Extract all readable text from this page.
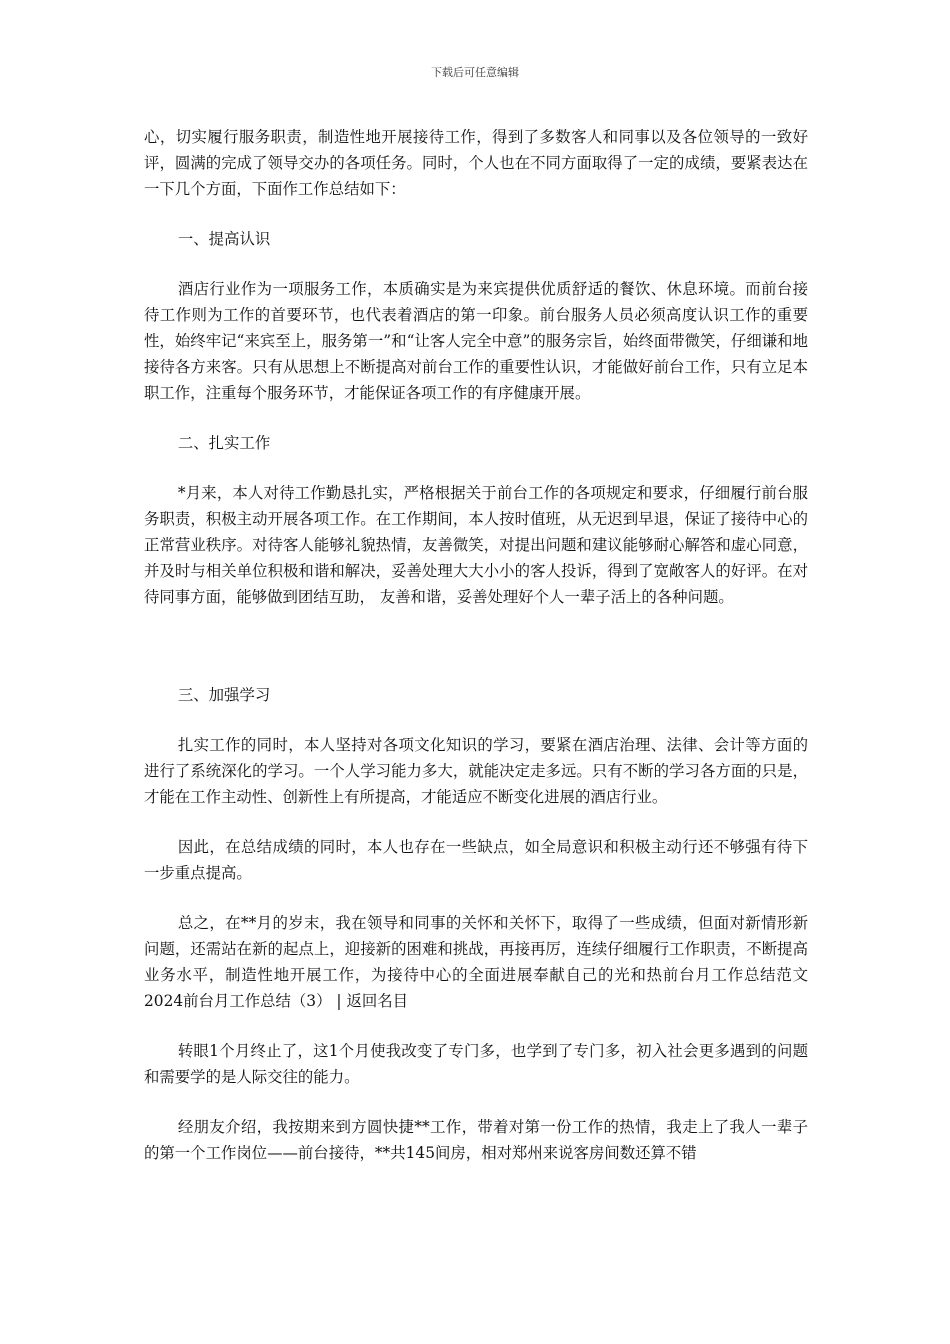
下载后可任意编辑

心，切实履行服务职责，制造性地开展接待工作，得到了多数客人和同事以及各位领导的一致好评，圆满的完成了领导交办的各项任务。同时，个人也在不同方面取得了一定的成绩，要紧表达在一下几个方面，下面作工作总结如下：

一、提高认识

酒店行业作为一项服务工作，本质确实是为来宾提供优质舒适的餐饮、休息环境。而前台接待工作则为工作的首要环节，也代表着酒店的第一印象。前台服务人员必须高度认识工作的重要性，始终牢记“来宾至上，服务第一”和“让客人完全中意”的服务宗旨，始终面带微笑，仔细谦和地接待各方来客。只有从思想上不断提高对前台工作的重要性认识，才能做好前台工作，只有立足本职工作，注重每个服务环节，才能保证各项工作的有序健康开展。

二、扎实工作

*月来，本人对待工作勤恳扎实，严格根据关于前台工作的各项规定和要求，仔细履行前台服务职责，积极主动开展各项工作。在工作期间，本人按时值班，从无迟到早退，保证了接待中心的正常营业秩序。对待客人能够礼貌热情，友善微笑，对提出问题和建议能够耐心解答和虚心同意，并及时与相关单位积极和谐和解决，妥善处理大大小小的客人投诉，得到了宽敞客人的好评。在对待同事方面，能够做到团结互助， 友善和谐，妥善处理好个人一辈子活上的各种问题。

三、加强学习

扎实工作的同时，本人坚持对各项文化知识的学习，要紧在酒店治理、法律、会计等方面的进行了系统深化的学习。一个人学习能力多大，就能决定走多远。只有不断的学习各方面的只是，才能在工作主动性、创新性上有所提高，才能适应不断变化进展的酒店行业。

因此，在总结成绩的同时，本人也存在一些缺点，如全局意识和积极主动行还不够强有待下一步重点提高。

总之，在**月的岁末，我在领导和同事的关怀和关怀下，取得了一些成绩，但面对新情形新问题，还需站在新的起点上，迎接新的困难和挑战，再接再厉，连续仔细履行工作职责，不断提高业务水平，制造性地开展工作，为接待中心的全面进展奉献自己的光和热前台月工作总结范文2024前台月工作总结（3） | 返回名目

转眼1个月终止了，这1个月使我改变了专门多，也学到了专门多，初入社会更多遇到的问题和需要学的是人际交往的能力。

经朋友介绍，我按期来到方圆快捷**工作，带着对第一份工作的热情，我走上了我人一辈子的第一个工作岗位——前台接待，**共145间房，相对郑州来说客房间数还算不错
